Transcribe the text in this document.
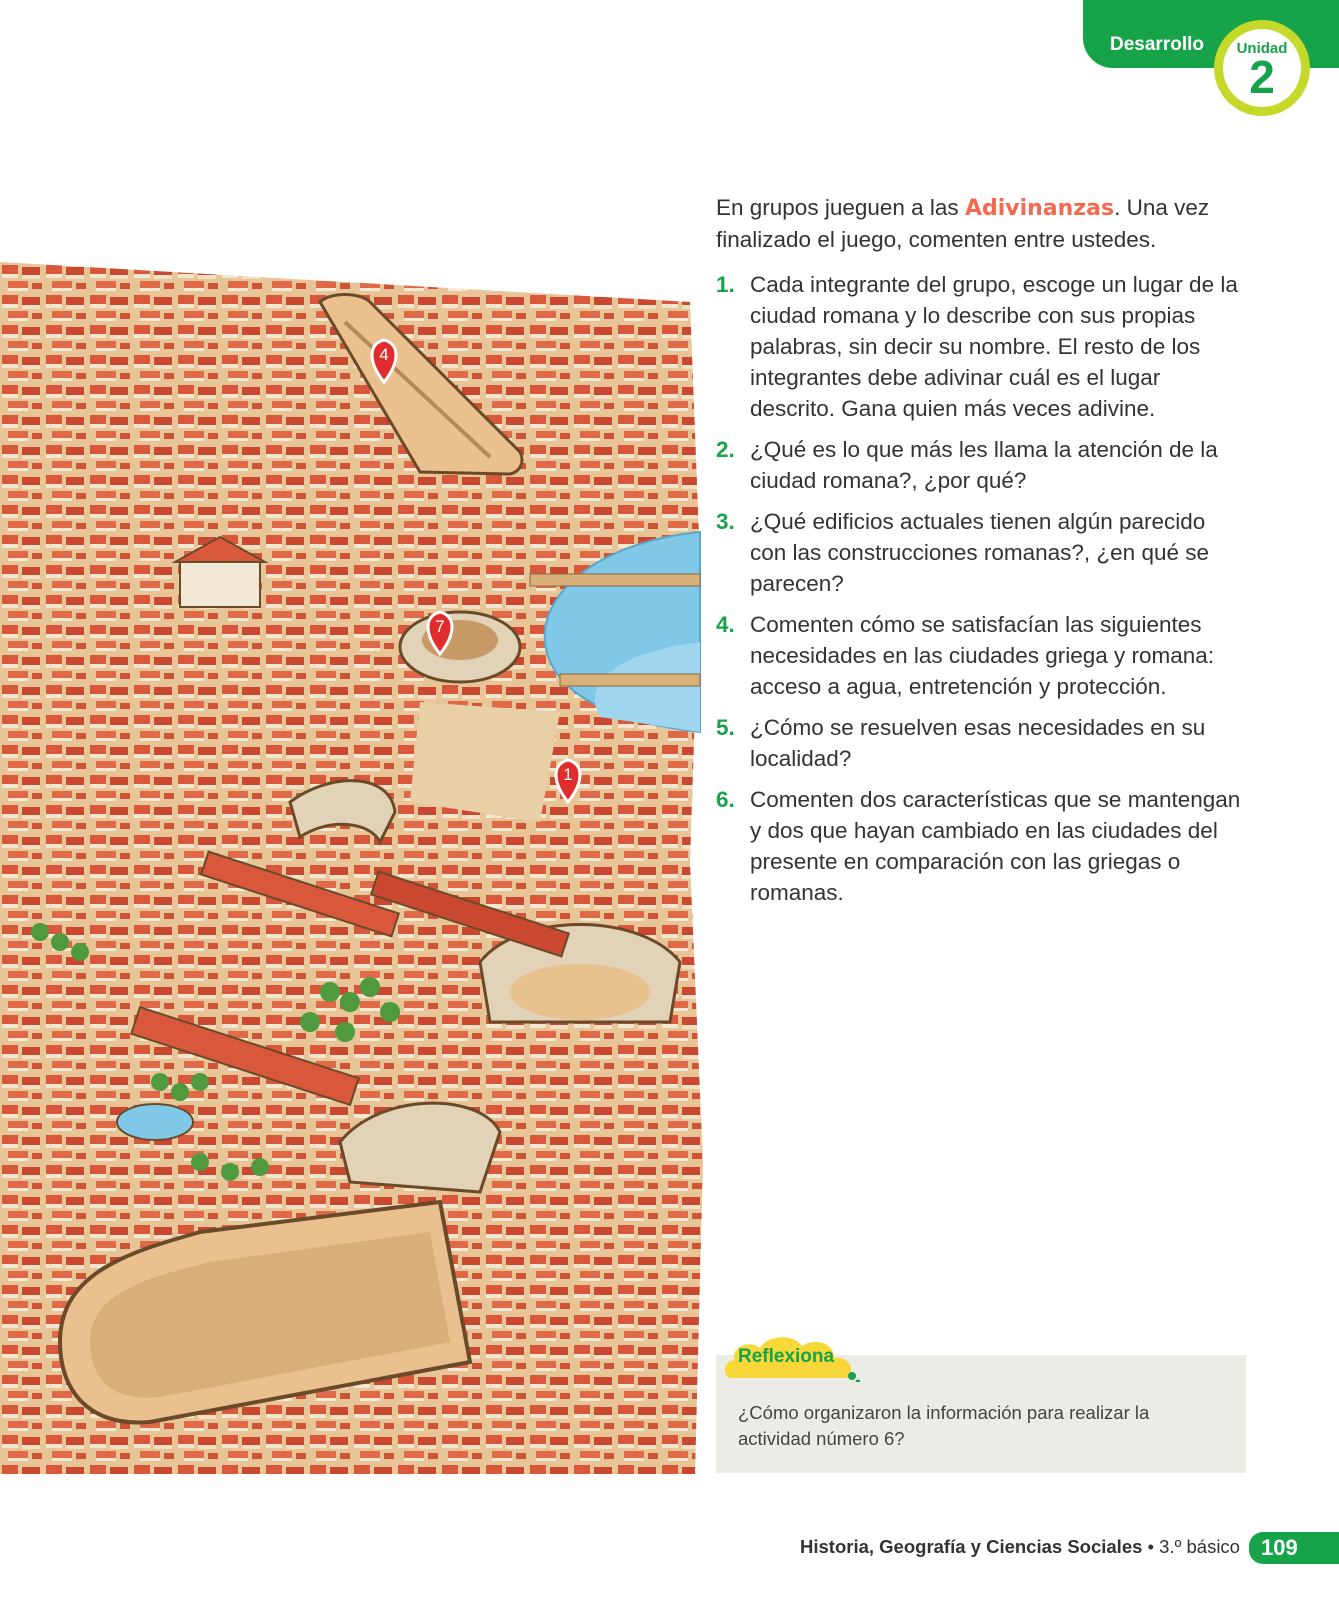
Desarrollo	Unidad
2
4
7
1

En grupos jueguen a las Adivinanzas. Una vez finalizado el juego, comenten entre ustedes.

1. Cada integrante del grupo, escoge un lugar de la ciudad romana y lo describe con sus propias palabras, sin decir su nombre. El resto de los integrantes debe adivinar cuál es el lugar descrito. Gana quien más veces adivine.
2. ¿Qué es lo que más les llama la atención de la ciudad romana?, ¿por qué?
3. ¿Qué edificios actuales tienen algún parecido con las construcciones romanas?, ¿en qué se parecen?
4. Comenten cómo se satisfacían las siguientes necesidades en las ciudades griega y romana: acceso a agua, entretención y protección.
5. ¿Cómo se resuelven esas necesidades en su localidad?
6. Comenten dos características que se mantengan y dos que hayan cambiado en las ciudades del presente en comparación con las griegas o romanas.
Reflexiona
¿Cómo organizaron la información para realizar la actividad número 6?
Historia, Geografía y Ciencias Sociales • 3.º básico 109
